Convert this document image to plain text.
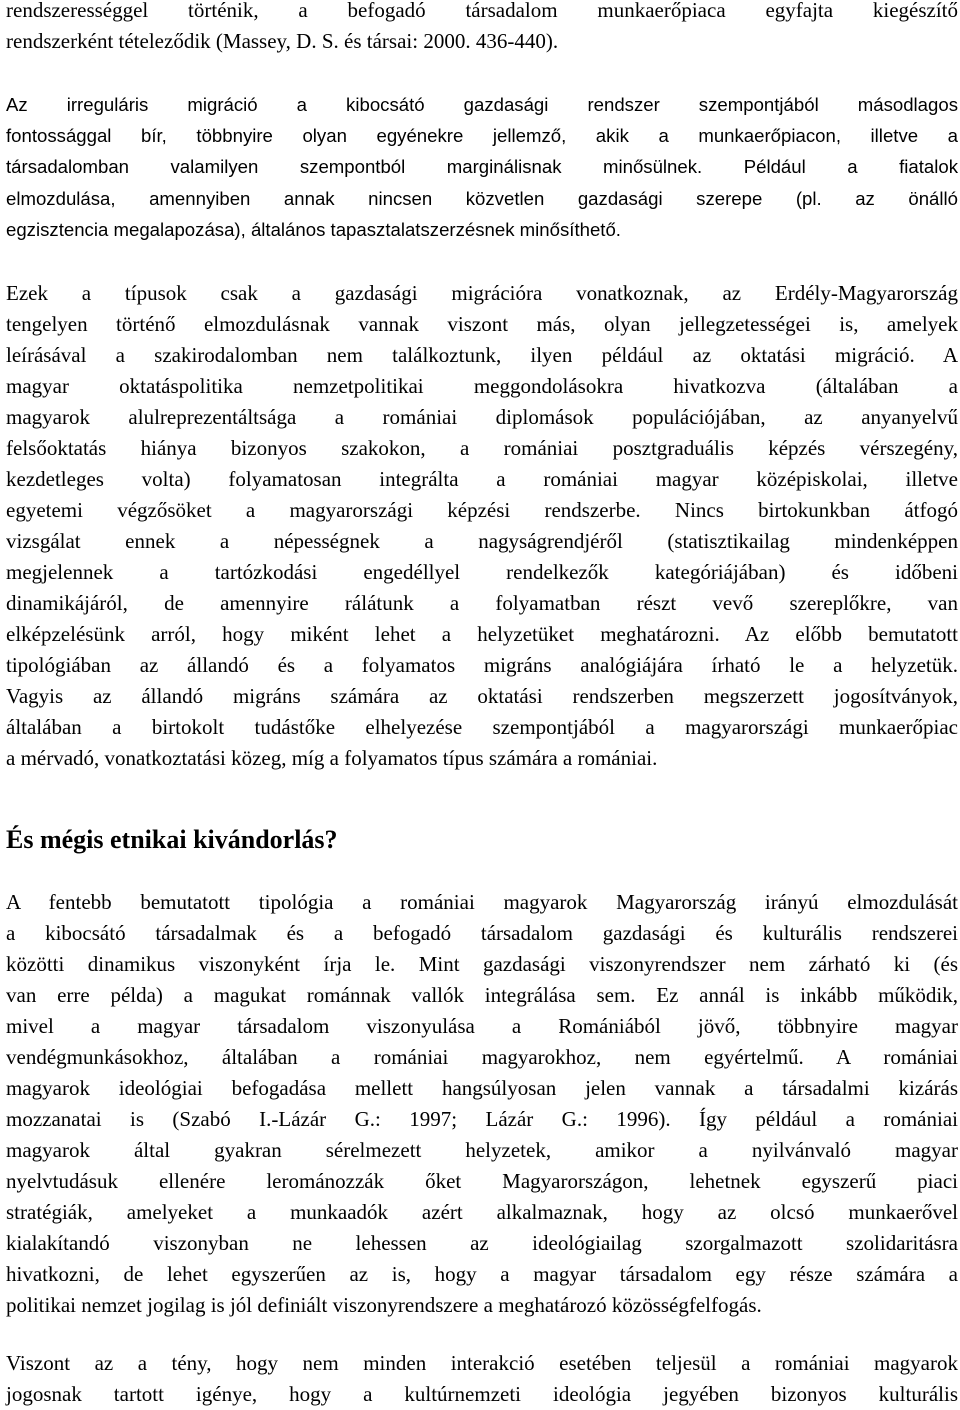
rendszerességgel történik, a befogadó társadalom munkaerőpiaca egyfajta kiegészítő
rendszerként tételeződik (Massey, D. S. és társai: 2000. 436-440).
Az irreguláris migráció a kibocsátó gazdasági rendszer szempontjából másodlagos
fontossággal bír, többnyire olyan egyénekre jellemző, akik a munkaerőpiacon, illetve a
társadalomban valamilyen szempontból marginálisnak minősülnek. Például a fiatalok
elmozdulása, amennyiben annak nincsen közvetlen gazdasági szerepe (pl. az önálló
egzisztencia megalapozása), általános tapasztalatszerzésnek minősíthető.
Ezek a típusok csak a gazdasági migrációra vonatkoznak, az Erdély-Magyarország
tengelyen történő elmozdulásnak vannak viszont más, olyan jellegzetességei is, amelyek
leírásával a szakirodalomban nem találkoztunk, ilyen például az oktatási migráció. A
magyar oktatáspolitika nemzetpolitikai meggondolásokra hivatkozva (általában a
magyarok alulreprezentáltsága a romániai diplomások populációjában, az anyanyelvű
felsőoktatás hiánya bizonyos szakokon, a romániai posztgraduális képzés vérszegény,
kezdetleges volta) folyamatosan integrálta a romániai magyar középiskolai, illetve
egyetemi végzősöket a magyarországi képzési rendszerbe. Nincs birtokunkban átfogó
vizsgálat ennek a népességnek a nagyságrendjéről (statisztikailag mindenképpen
megjelennek a tartózkodási engedéllyel rendelkezők kategóriájában) és időbeni
dinamikájáról, de amennyire rálátunk a folyamatban részt vevő szereplőkre, van
elképzelésünk arról, hogy miként lehet a helyzetüket meghatározni. Az előbb bemutatott
tipológiában az állandó és a folyamatos migráns analógiájára írható le a helyzetük.
Vagyis az állandó migráns számára az oktatási rendszerben megszerzett jogosítványok,
általában a birtokolt tudástőke elhelyezése szempontjából a magyarországi munkaerőpiac
a mérvadó, vonatkoztatási közeg, míg a folyamatos típus számára a romániai.
És mégis etnikai kivándorlás?
A fentebb bemutatott tipológia a romániai magyarok Magyarország irányú elmozdulását
a kibocsátó társadalmak és a befogadó társadalom gazdasági és kulturális rendszerei
közötti dinamikus viszonyként írja le. Mint gazdasági viszonyrendszer nem zárható ki (és
van erre példa) a magukat románnak vallók integrálása sem. Ez annál is inkább működik,
mivel a magyar társadalom viszonyulása a Romániából jövő, többnyire magyar
vendégmunkásokhoz, általában a romániai magyarokhoz, nem egyértelmű. A romániai
magyarok ideológiai befogadása mellett hangsúlyosan jelen vannak a társadalmi kizárás
mozzanatai is (Szabó I.-Lázár G.: 1997; Lázár G.: 1996). Így például a romániai
magyarok által gyakran sérelmezett helyzetek, amikor a nyilvánvaló magyar
nyelvtudásuk ellenére lerománozzák őket Magyarországon, lehetnek egyszerű piaci
stratégiák, amelyeket a munkaadók azért alkalmaznak, hogy az olcsó munkaerővel
kialakítandó viszonyban ne lehessen az ideológiailag szorgalmazott szolidaritásra
hivatkozni, de lehet egyszerűen az is, hogy a magyar társadalom egy része számára a
politikai nemzet jogilag is jól definiált viszonyrendszere a meghatározó közösségfelfogás.
Viszont az a tény, hogy nem minden interakció esetében teljesül a romániai magyarok
jogosnak tartott igénye, hogy a kultúrnemzeti ideológia jegyében bizonyos kulturális
